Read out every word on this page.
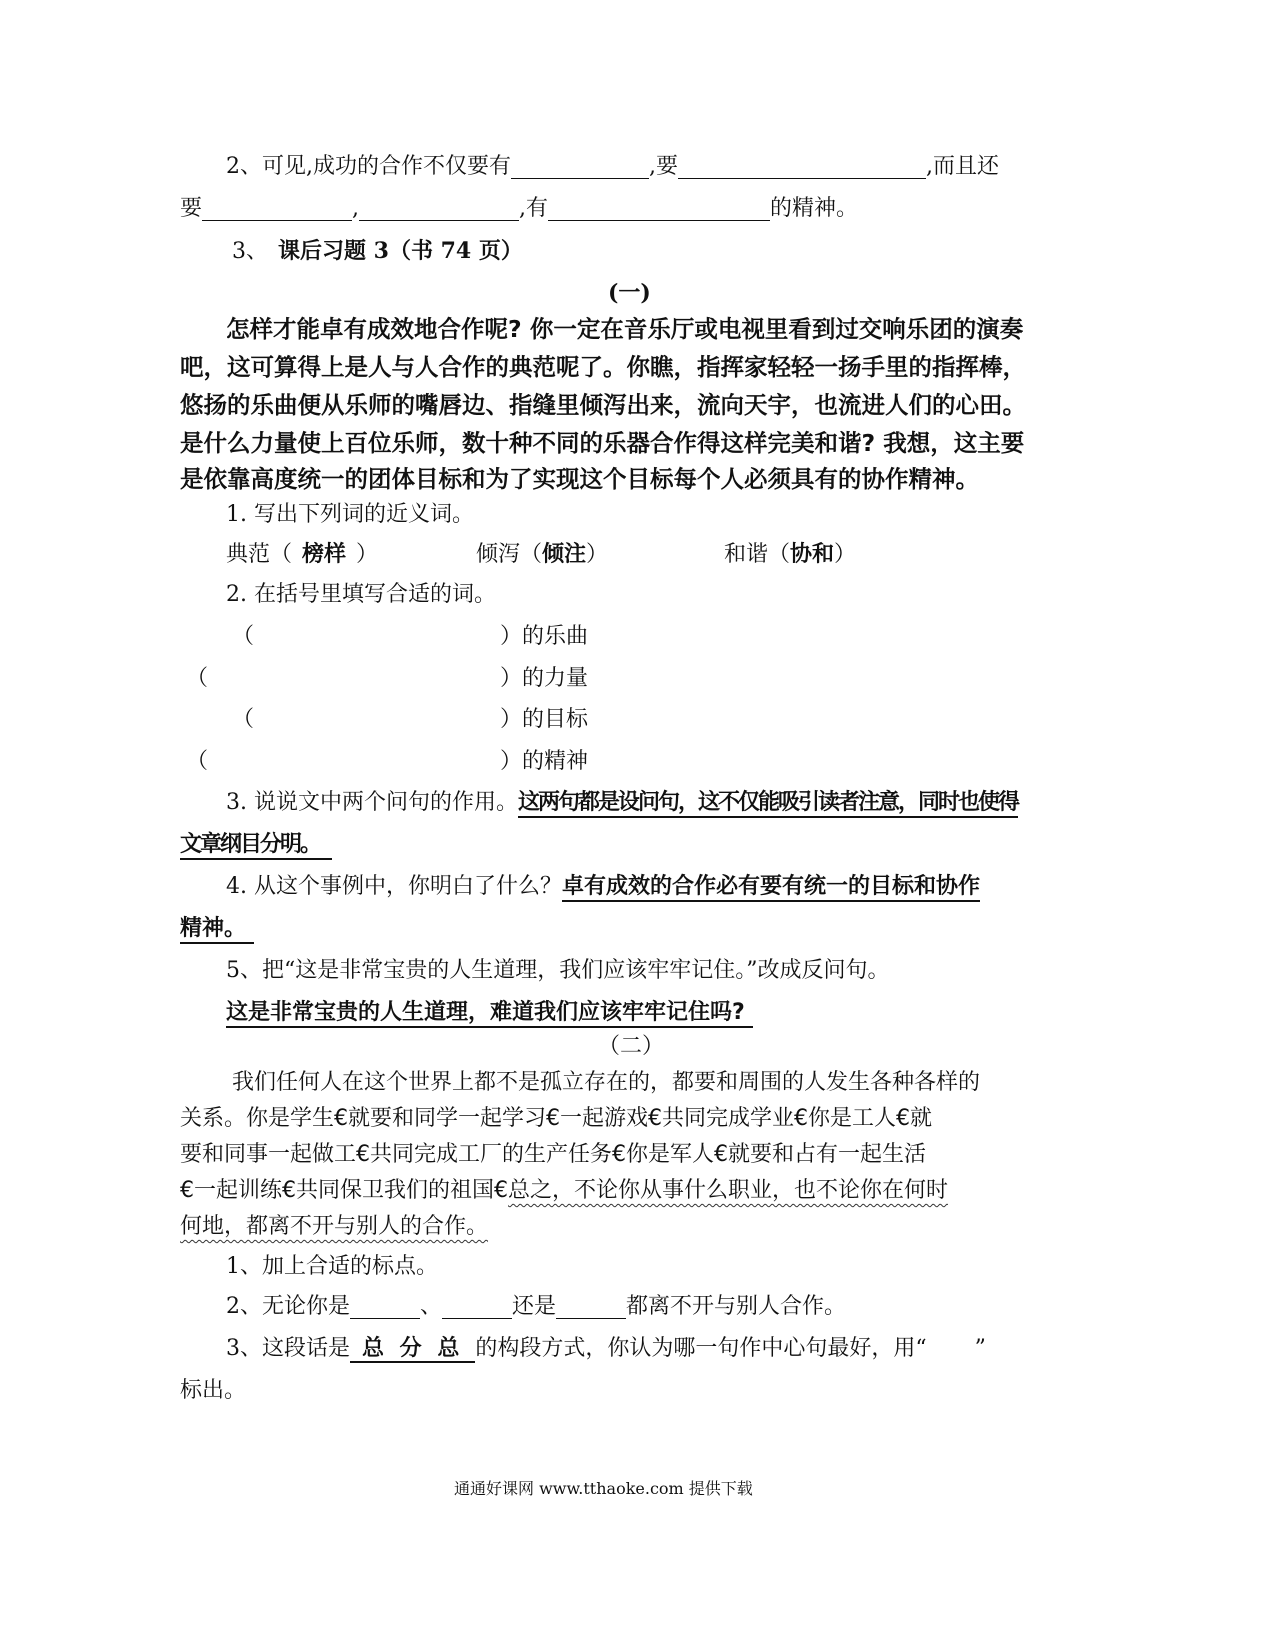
2、可见,成功的合作不仅要有	,要	,而且还
要	,	,有	的精神。
3、 课后习题 3（书 74 页）
(一)
怎样才能卓有成效地合作呢? 你一定在音乐厅或电视里看到过交响乐团的演奏
吧，这可算得上是人与人合作的典范呢了。你瞧，指挥家轻轻一扬手里的指挥棒，
悠扬的乐曲便从乐师的嘴唇边、指缝里倾泻出来，流向天宇，也流进人们的心田。
是什么力量使上百位乐师，数十种不同的乐器合作得这样完美和谐? 我想，这主要
是依靠高度统一的团体目标和为了实现这个目标每个人必须具有的协作精神。
1. 写出下列词的近义词。
典范（ 榜样 ）	倾泻（倾注）	和谐（协和）
2. 在括号里填写合适的词。
（	）的乐曲
（	）的力量
（	）的目标
（	）的精神
3. 说说文中两个问句的作用。这两句都是设问句，这不仅能吸引读者注意，同时也使得
文章纲目分明。
4. 从这个事例中，你明白了什么？卓有成效的合作必有要有统一的目标和协作
精神。
5、把“这是非常宝贵的人生道理，我们应该牢牢记住。”改成反问句。
这是非常宝贵的人生道理，难道我们应该牢牢记住吗?
（二）
我们任何人在这个世界上都不是孤立存在的，都要和周围的人发生各种各样的
关系。你是学生€就要和同学一起学习€一起游戏€共同完成学业€你是工人€就
要和同事一起做工€共同完成工厂的生产任务€你是军人€就要和占有一起生活
€一起训练€共同保卫我们的祖国€总之，不论你从事什么职业，也不论你在何时
何地，都离不开与别人的合作。
1、加上合适的标点。
2、无论你是	、	还是	都离不开与别人合作。
3、这段话是 总 分 总 的构段方式，你认为哪一句作中心句最好，用“ ”
标出。
通通好课网 www.tthaoke.com 提供下载
